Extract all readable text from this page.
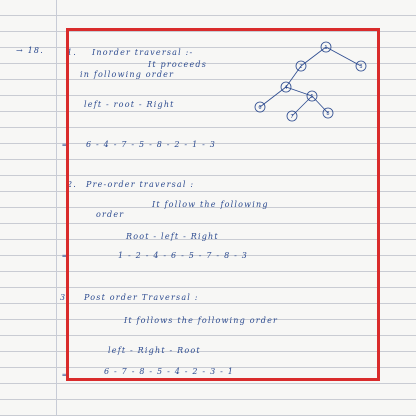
→ 18.	1. Inorder traversal :-
It proceeds
in following order
left - root - Right
⇒ 6 - 4 - 7 - 5 - 8 - 2 - 1 - 3
1
2	3
4
5
6
7	8
2. Pre-order traversal :
It follow the following
order
Root - left - Right
⇒	1 - 2 - 4 - 6 - 5 - 7 - 8 - 3
3. Post order Traversal :
It follows the following order
left - Right - Root
⇒	6 - 7 - 8 - 5 - 4 - 2 - 3 - 1
